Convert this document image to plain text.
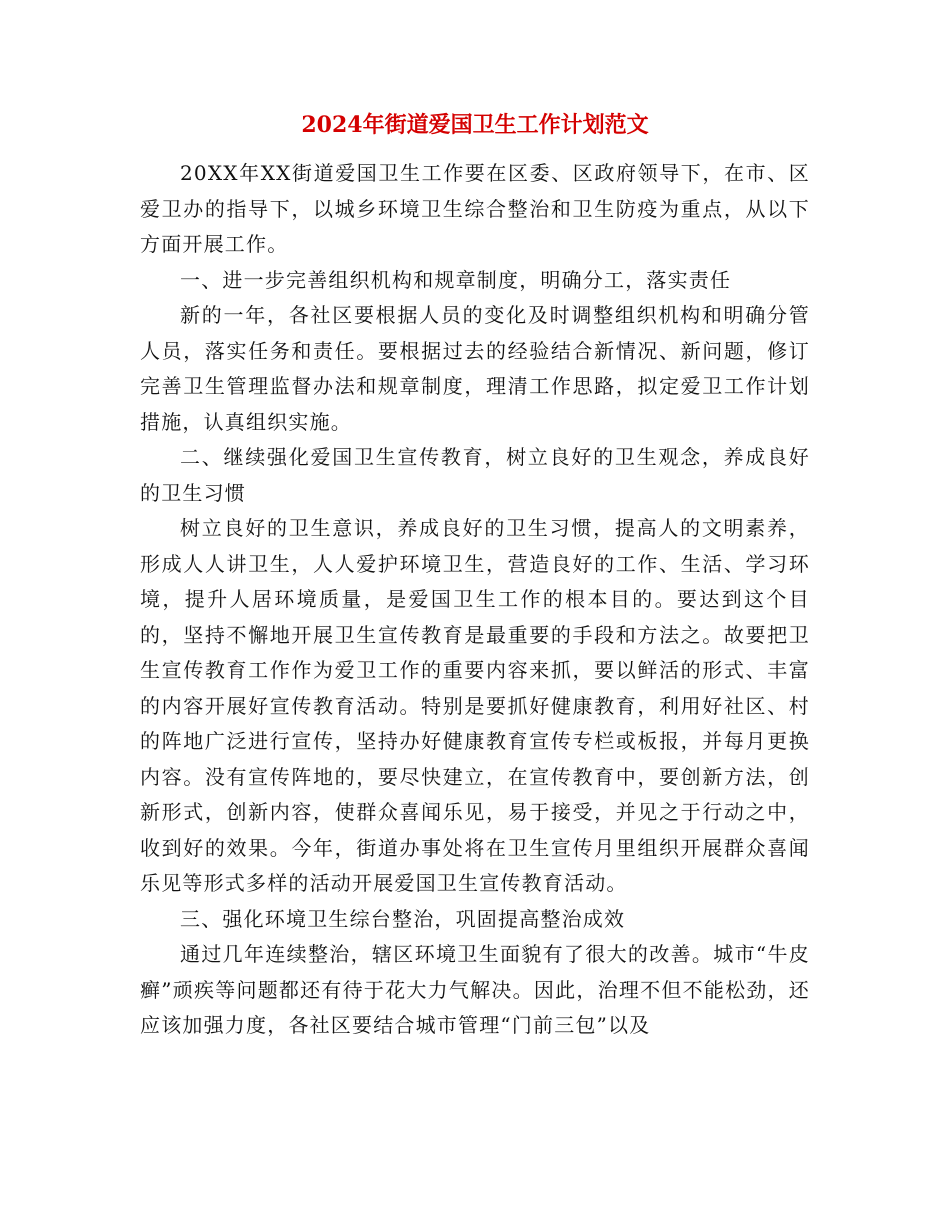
2024年街道爱国卫生工作计划范文

20XX年XX街道爱国卫生工作要在区委、区政府领导下，在市、区爱卫办的指导下，以城乡环境卫生综合整治和卫生防疫为重点，从以下方面开展工作。

一、进一步完善组织机构和规章制度，明确分工，落实责任

新的一年，各社区要根据人员的变化及时调整组织机构和明确分管人员，落实任务和责任。要根据过去的经验结合新情况、新问题，修订完善卫生管理监督办法和规章制度，理清工作思路，拟定爱卫工作计划措施，认真组织实施。

二、继续强化爱国卫生宣传教育，树立良好的卫生观念，养成良好的卫生习惯

树立良好的卫生意识，养成良好的卫生习惯，提高人的文明素养，形成人人讲卫生，人人爱护环境卫生，营造良好的工作、生活、学习环境，提升人居环境质量，是爱国卫生工作的根本目的。要达到这个目的，坚持不懈地开展卫生宣传教育是最重要的手段和方法之。故要把卫生宣传教育工作作为爱卫工作的重要内容来抓，要以鲜活的形式、丰富的内容开展好宣传教育活动。特别是要抓好健康教育，利用好社区、村的阵地广泛进行宣传，坚持办好健康教育宣传专栏或板报，并每月更换内容。没有宣传阵地的，要尽快建立，在宣传教育中，要创新方法，创新形式，创新内容，使群众喜闻乐见，易于接受，并见之于行动之中，收到好的效果。今年，街道办事处将在卫生宣传月里组织开展群众喜闻乐见等形式多样的活动开展爱国卫生宣传教育活动。

三、强化环境卫生综台整治，巩固提高整治成效

通过几年连续整治，辖区环境卫生面貌有了很大的改善。城市“牛皮癣”顽疾等问题都还有待于花大力气解决。因此，治理不但不能松劲，还应该加强力度，各社区要结合城市管理“门前三包”以及
